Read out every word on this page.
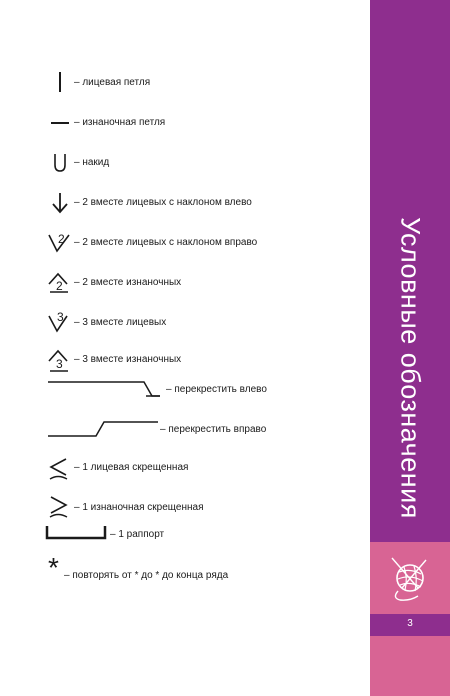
– лицевая петля
– изнаночная петля
– накид
– 2 вместе лицевых с наклоном влево
2 – 2 вместе лицевых с наклоном вправо
2 – 2 вместе изнаночных
3 – 3 вместе лицевых
3 – 3 вместе изнаночных
– перекрестить влево
– перекрестить вправо
– 1 лицевая скрещенная
– 1 изнаночная скрещенная
– 1 раппорт
* – повторять от * до * до конца ряда
Условные обозначения
3
